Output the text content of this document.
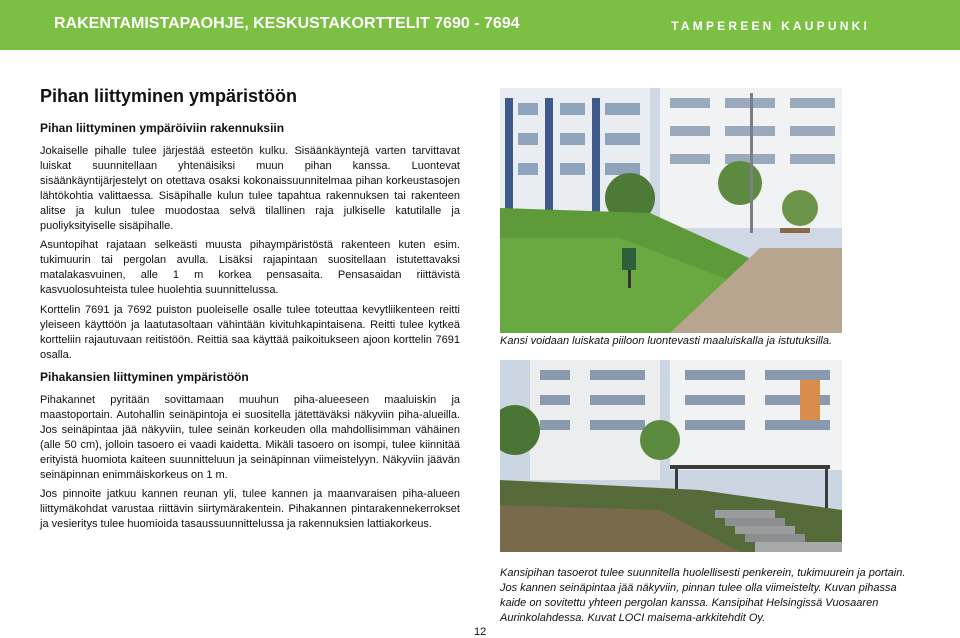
RAKENTAMISTAPAOHJE, KESKUSTAKORTTELIT 7690 - 7694	TAMPEREEN KAUPUNKI
Pihan liittyminen ympäristöön
Pihan liittyminen ympäröiviin rakennuksiin

Jokaiselle pihalle tulee järjestää esteetön kulku. Sisäänkäyntejä varten tarvittavat luiskat suunnitellaan yhtenäisiksi muun pihan kanssa. Luontevat sisäänkäyntijärjestelyt on otettava osaksi kokonaissuunnitelmaa pihan korkeustasojen lähtökohtia valittaessa. Sisäpihalle kulun tulee tapahtua rakennuksen tai rakenteen alitse ja kulun tulee muodostaa selvä tilallinen raja julkiselle katutilalle ja puoliyksityiselle sisäpihalle.

Asuntopihat rajataan selkeästi muusta pihaympäristöstä rakenteen kuten esim. tukimuurin tai pergolan avulla. Lisäksi rajapintaan suositellaan istutettavaksi matalakasvuinen, alle 1 m korkea pensasaita. Pensasaidan riittävistä kasvuolosuhteista tulee huolehtia suunnittelussa.

Korttelin 7691 ja 7692 puiston puoleiselle osalle tulee toteuttaa kevytliikenteen reitti yleiseen käyttöön ja laatutasoltaan vähintään kivituhkapintaisena. Reitti tulee kytkeä kortteliin rajautuvaan reitistöön. Reittiä saa käyttää paikoitukseen ajoon korttelin 7691 osalla.

Pihakansien liittyminen ympäristöön

Pihakannet pyritään sovittamaan muuhun piha-alueeseen maaluiskin ja maastoportain. Autohallin seinäpintoja ei suositella jätettäväksi näkyviin piha-alueilla. Jos seinäpintaa jää näkyviin, tulee seinän korkeuden olla mahdollisimman vähäinen (alle 50 cm), jolloin tasoero ei vaadi kaidetta. Mikäli tasoero on isompi, tulee kiinnitää erityistä huomiota kaiteen suunnitteluun ja seinäpinnan viimeistelyyn. Näkyviin jäävän seinäpinnan enimmäiskorkeus on 1 m.

Jos pinnoite jatkuu kannen reunan yli, tulee kannen ja maanvaraisen piha-alueen liittymäkohdat varustaa riittävin siirtymärakentein. Pihakannen pintarakennekerrokset ja vesieritys tulee huomioida tasaussuunnittelussa ja rakennuksien lattiakorkeus.

Kansi voidaan luiskata piiloon luontevasti maaluiskalla ja istutuksilla.

Kansipihan tasoerot tulee suunnitella huolellisesti penkerein, tukimuurein ja portain. Jos kannen seinäpintaa jää näkyviin, pinnan tulee olla viimeistelty. Kuvan pihassa kaide on sovitettu yhteen pergolan kanssa. Kansipihat Helsingissä Vuosaaren Aurinkolahdessa. Kuvat LOCI maisema-arkkitehdit Oy.

12
